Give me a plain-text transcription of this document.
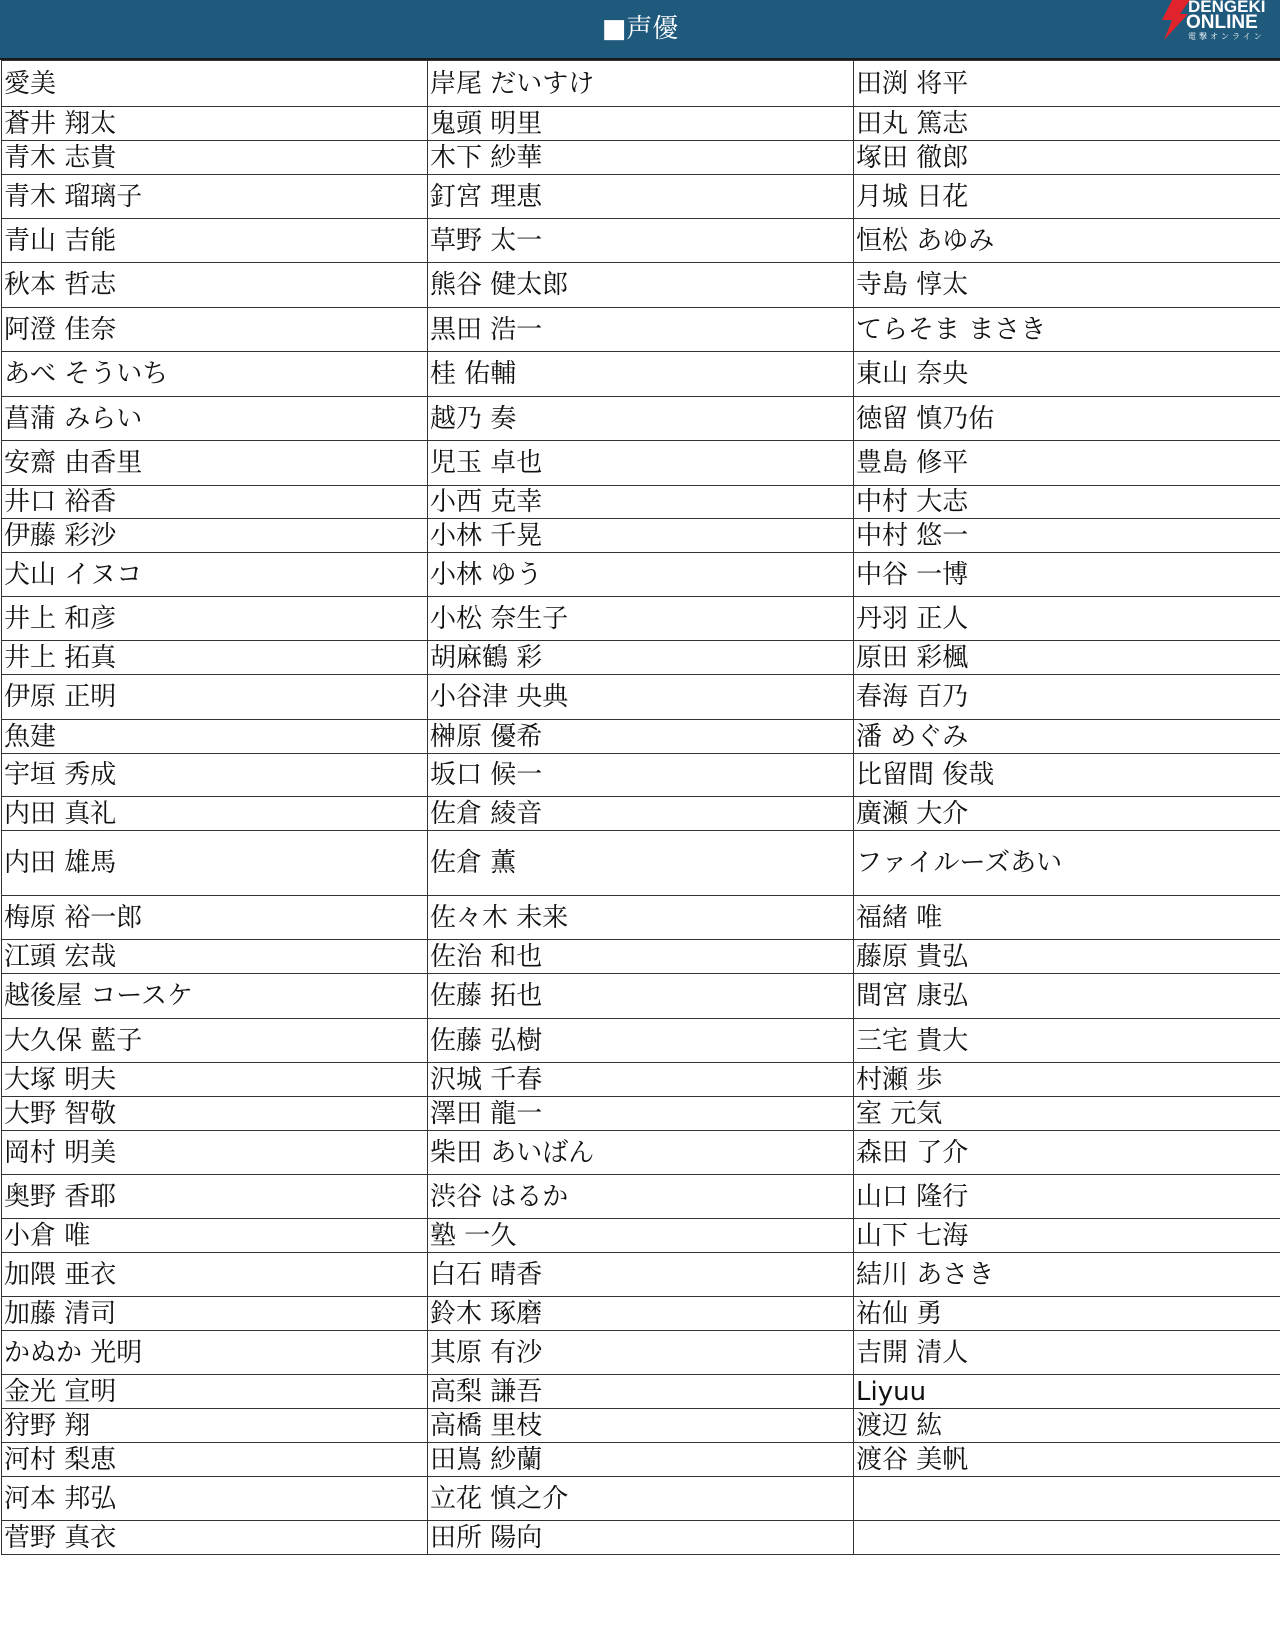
■声優
DENGEKI
ONLINE
電撃オンライン
愛美	岸尾 だいすけ	田渕 将平
蒼井 翔太	鬼頭 明里	田丸 篤志
青木 志貴	木下 紗華	塚田 徹郎
青木 瑠璃子	釘宮 理恵	月城 日花
青山 吉能	草野 太一	恒松 あゆみ
秋本 哲志	熊谷 健太郎	寺島 惇太
阿澄 佳奈	黒田 浩一	てらそま まさき
あべ そういち	桂 佑輔	東山 奈央
菖蒲 みらい	越乃 奏	徳留 慎乃佑
安齋 由香里	児玉 卓也	豊島 修平
井口 裕香	小西 克幸	中村 大志
伊藤 彩沙	小林 千晃	中村 悠一
犬山 イヌコ	小林 ゆう	中谷 一博
井上 和彦	小松 奈生子	丹羽 正人
井上 拓真	胡麻鶴 彩	原田 彩楓
伊原 正明	小谷津 央典	春海 百乃
魚建	榊原 優希	潘 めぐみ
宇垣 秀成	坂口 候一	比留間 俊哉
内田 真礼	佐倉 綾音	廣瀬 大介
内田 雄馬	佐倉 薫	ファイルーズあい
梅原 裕一郎	佐々木 未来	福緒 唯
江頭 宏哉	佐治 和也	藤原 貴弘
越後屋 コースケ	佐藤 拓也	間宮 康弘
大久保 藍子	佐藤 弘樹	三宅 貴大
大塚 明夫	沢城 千春	村瀬 歩
大野 智敬	澤田 龍一	室 元気
岡村 明美	柴田 あいばん	森田 了介
奥野 香耶	渋谷 はるか	山口 隆行
小倉 唯	塾 一久	山下 七海
加隈 亜衣	白石 晴香	結川 あさき
加藤 清司	鈴木 琢磨	祐仙 勇
かぬか 光明	其原 有沙	吉開 清人
金光 宣明	高梨 謙吾	Liyuu
狩野 翔	高橋 里枝	渡辺 紘
河村 梨恵	田嶌 紗蘭	渡谷 美帆
河本 邦弘	立花 慎之介	
菅野 真衣	田所 陽向	
